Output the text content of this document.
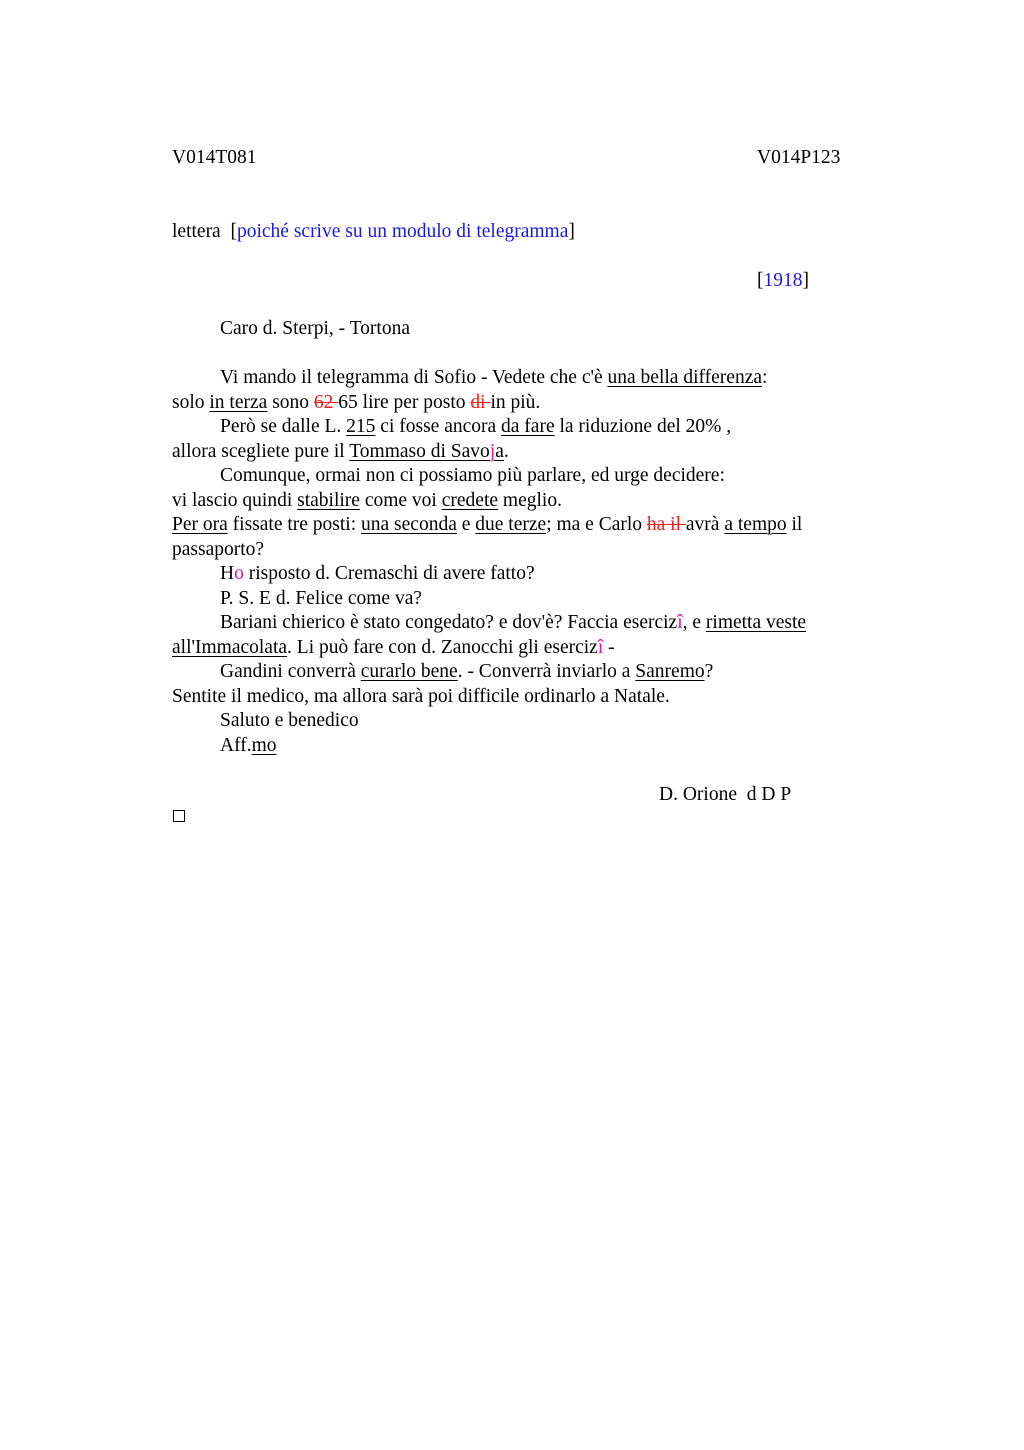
V014T081	V014P123
lettera [poiché scrive su un modulo di telegramma]
[1918]
Caro d. Sterpi, - Tortona
Vi mando il telegramma di Sofio - Vedete che c'è una bella differenza:
solo in terza sono 62 65 lire per posto di in più.
Però se dalle L. 215 ci fosse ancora da fare la riduzione del 20% ,
allora scegliete pure il Tommaso di Savoja.
Comunque, ormai non ci possiamo più parlare, ed urge decidere:
vi lascio quindi stabilire come voi credete meglio.
Per ora fissate tre posti: una seconda e due terze; ma e Carlo ha il avrà a tempo il
passaporto?
Ho risposto d. Cremaschi di avere fatto?
P. S. E d. Felice come va?
Bariani chierico è stato congedato? e dov'è? Faccia esercizî, e rimetta veste
all'Immacolata. Li può fare con d. Zanocchi gli esercizî -
Gandini converrà curarlo bene. - Converrà inviarlo a Sanremo?
Sentite il medico, ma allora sarà poi difficile ordinarlo a Natale.
Saluto e benedico
Aff.mo
D. Orione  d D P
